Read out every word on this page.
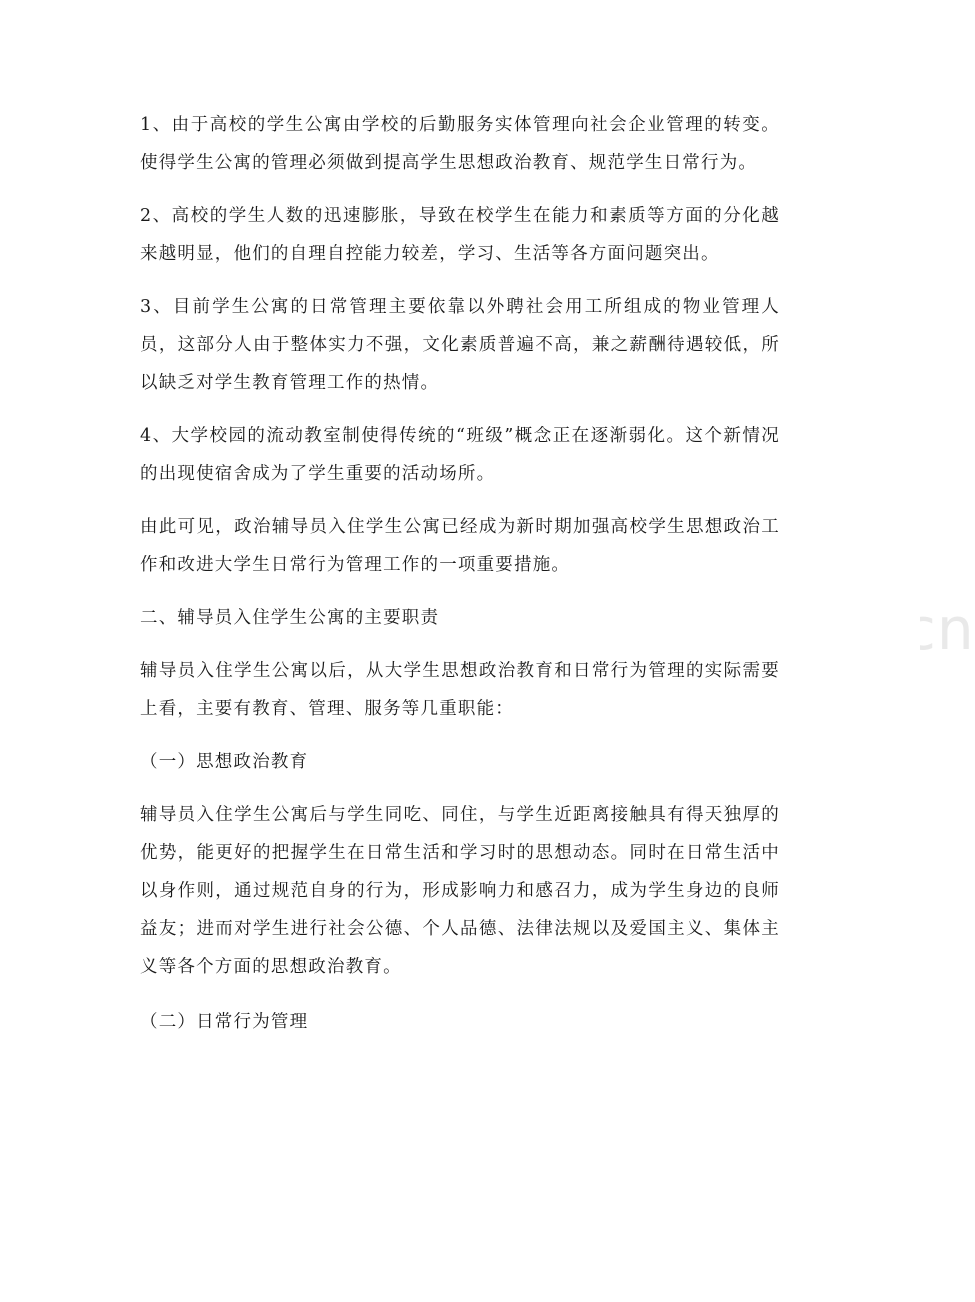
www.zixin.com.cn

1、由于高校的学生公寓由学校的后勤服务实体管理向社会企业管理的转变。使得学生公寓的管理必须做到提高学生思想政治教育、规范学生日常行为。

2、高校的学生人数的迅速膨胀，导致在校学生在能力和素质等方面的分化越来越明显，他们的自理自控能力较差，学习、生活等各方面问题突出。

3、目前学生公寓的日常管理主要依靠以外聘社会用工所组成的物业管理人员，这部分人由于整体实力不强，文化素质普遍不高，兼之薪酬待遇较低，所以缺乏对学生教育管理工作的热情。

4、大学校园的流动教室制使得传统的“班级”概念正在逐渐弱化。这个新情况的出现使宿舍成为了学生重要的活动场所。

由此可见，政治辅导员入住学生公寓已经成为新时期加强高校学生思想政治工作和改进大学生日常行为管理工作的一项重要措施。

二、辅导员入住学生公寓的主要职责

辅导员入住学生公寓以后，从大学生思想政治教育和日常行为管理的实际需要上看，主要有教育、管理、服务等几重职能：

（一）思想政治教育

辅导员入住学生公寓后与学生同吃、同住，与学生近距离接触具有得天独厚的优势，能更好的把握学生在日常生活和学习时的思想动态。同时在日常生活中以身作则，通过规范自身的行为，形成影响力和感召力，成为学生身边的良师益友；进而对学生进行社会公德、个人品德、法律法规以及爱国主义、集体主义等各个方面的思想政治教育。

（二）日常行为管理
